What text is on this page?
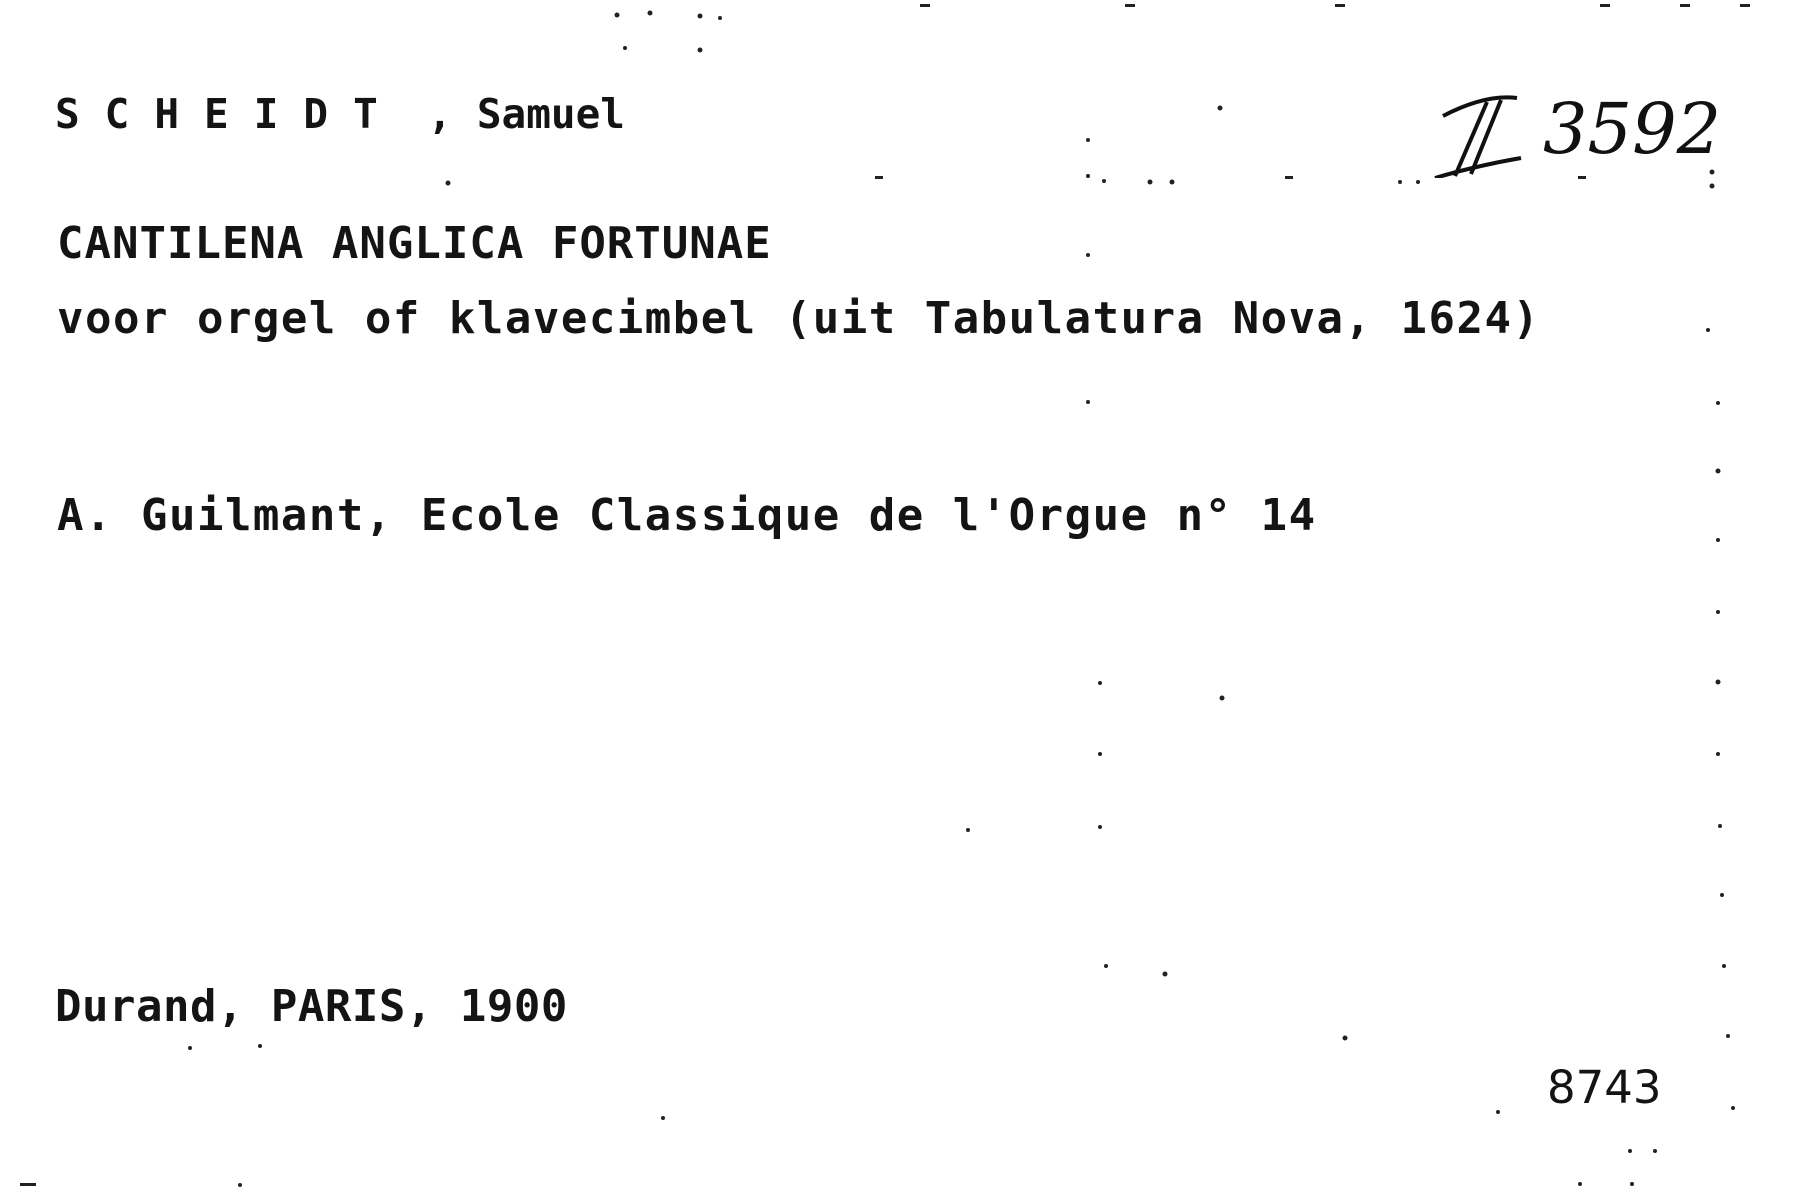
SCHEIDT , Samuel	3592
CANTILENA ANGLICA FORTUNAE
voor orgel of klavecimbel (uit Tabulatura Nova, 1624)
A. Guilmant, Ecole Classique de l'Orgue n° 14
Durand, PARIS, 1900
8743
